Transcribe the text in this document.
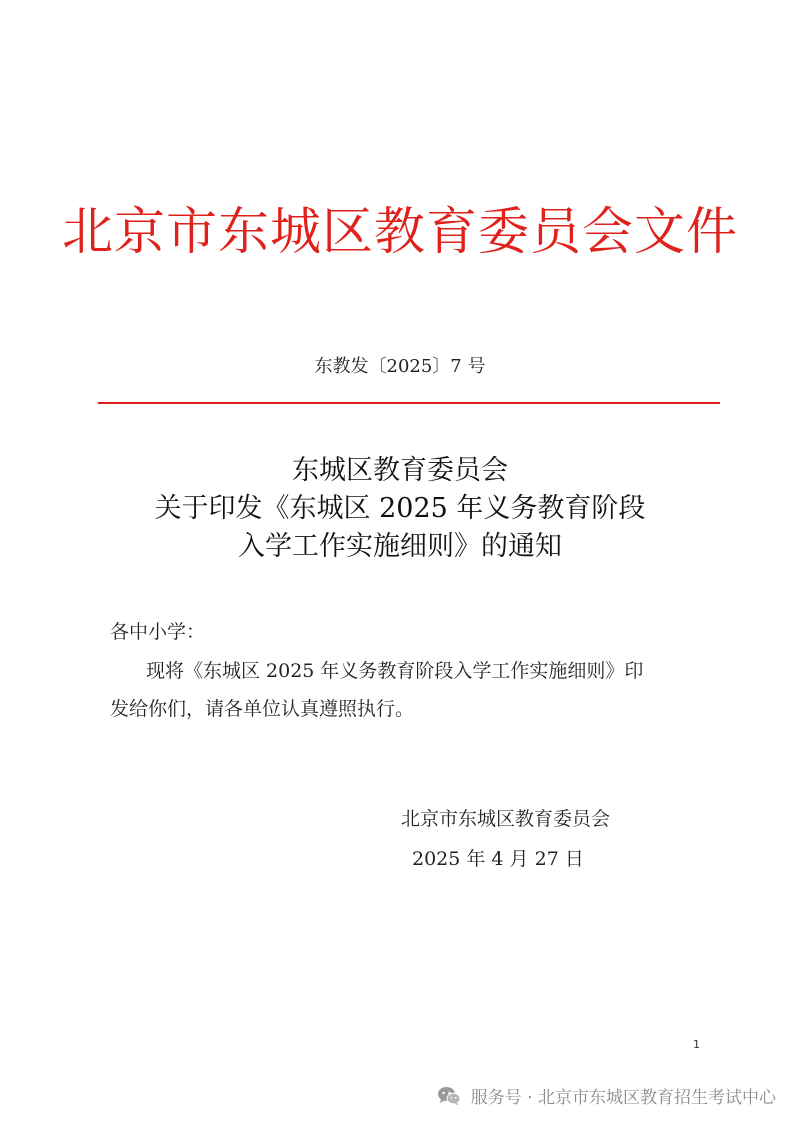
北京市东城区教育委员会文件
东教发〔2025〕7 号
东城区教育委员会
关于印发《东城区 2025 年义务教育阶段
入学工作实施细则》的通知
各中小学：
现将《东城区 2025 年义务教育阶段入学工作实施细则》印
发给你们，请各单位认真遵照执行。
北京市东城区教育委员会
2025 年 4 月 27 日
1
服务号 · 北京市东城区教育招生考试中心
